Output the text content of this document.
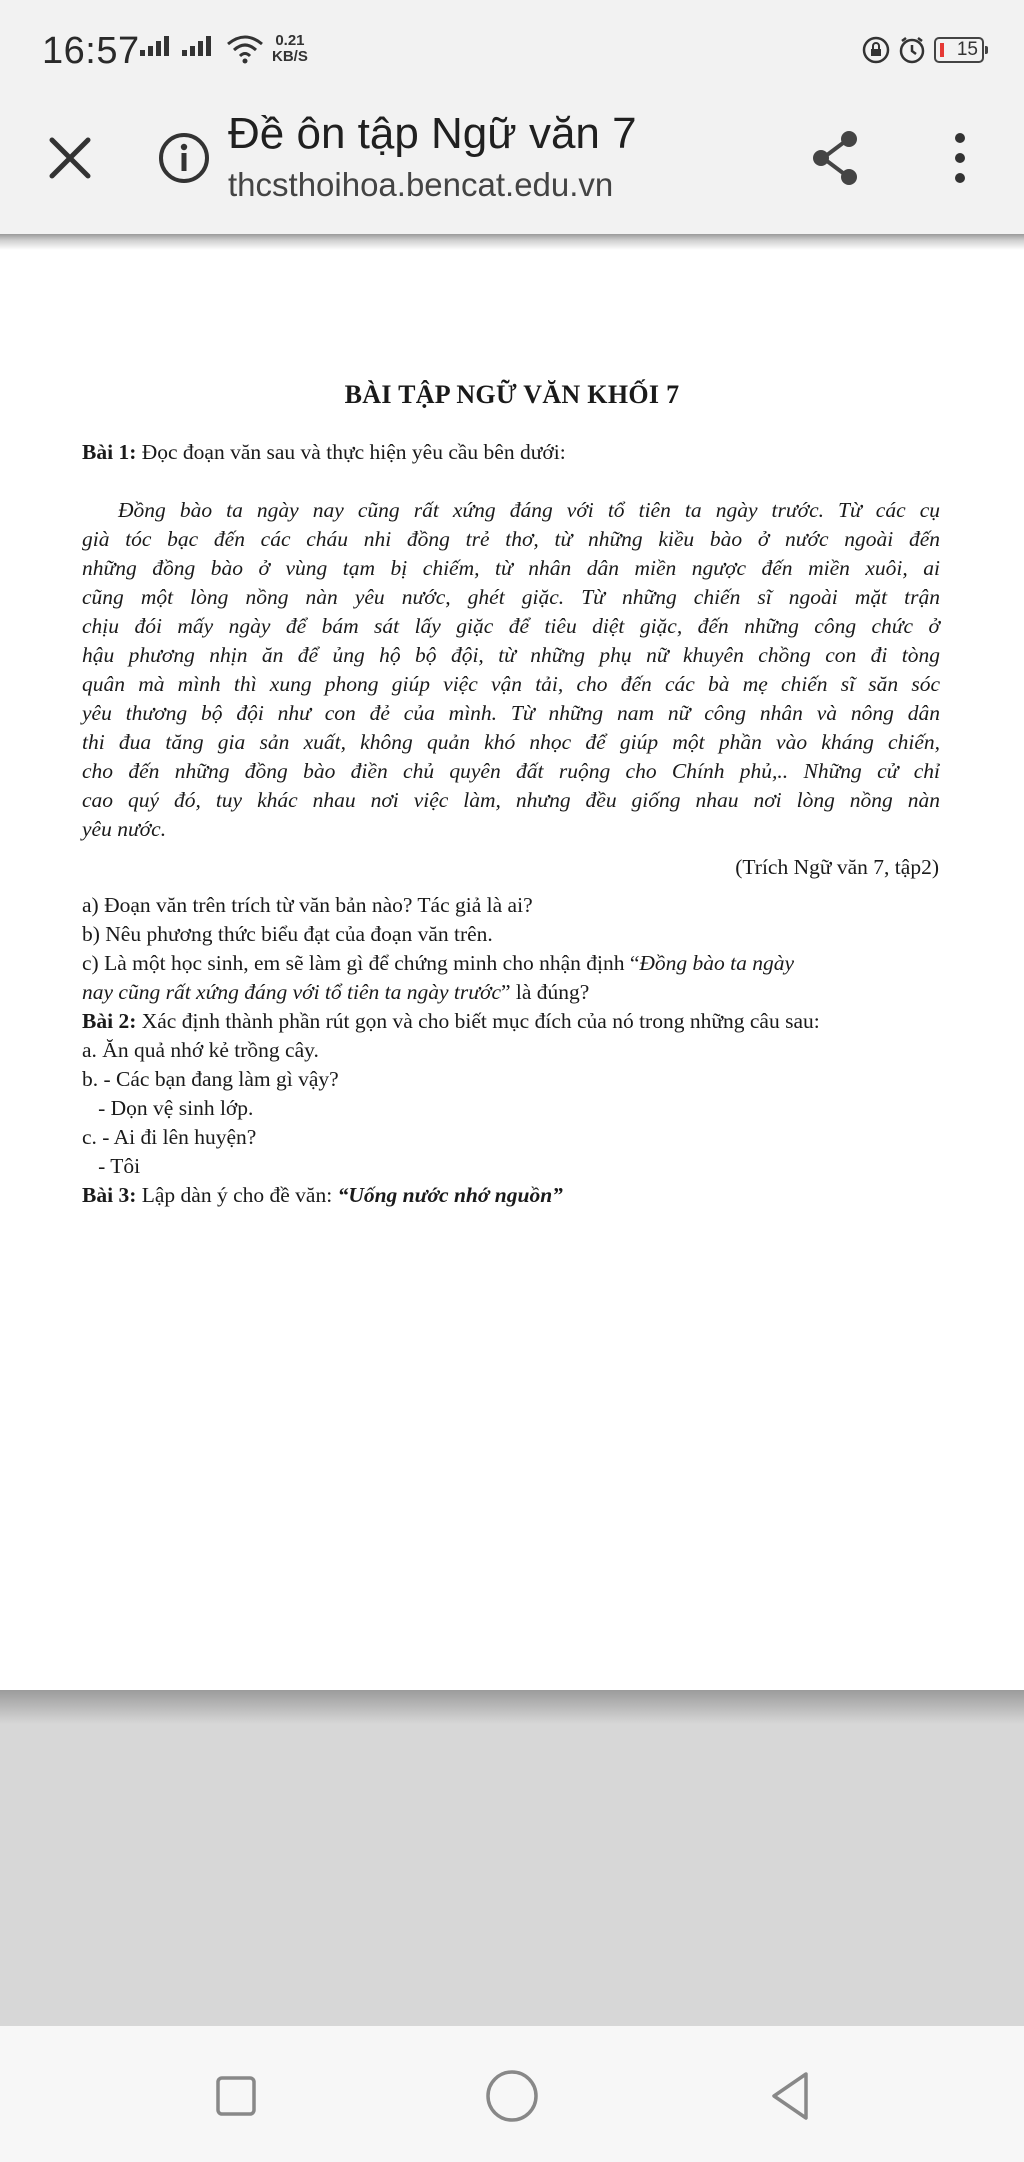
16:57	0.21
KB/S	15
Đề ôn tập Ngữ văn 7
thcsthoihoa.bencat.edu.vn
BÀI TẬP NGỮ VĂN KHỐI 7
Bài 1: Đọc đoạn văn sau và thực hiện yêu cầu bên dưới:
Đồng bào ta ngày nay cũng rất xứng đáng với tổ tiên ta ngày trước. Từ các cụ
già tóc bạc đến các cháu nhi đồng trẻ thơ, từ những kiều bào ở nước ngoài đến
những đồng bào ở vùng tạm bị chiếm, từ nhân dân miền ngược đến miền xuôi, ai
cũng một lòng nồng nàn yêu nước, ghét giặc. Từ những chiến sĩ ngoài mặt trận
chịu đói mấy ngày để bám sát lấy giặc để tiêu diệt giặc, đến những công chức ở
hậu phương nhịn ăn để ủng hộ bộ đội, từ những phụ nữ khuyên chồng con đi tòng
quân mà mình thì xung phong giúp việc vận tải, cho đến các bà mẹ chiến sĩ săn sóc
yêu thương bộ đội như con đẻ của mình. Từ những nam nữ công nhân và nông dân
thi đua tăng gia sản xuất, không quản khó nhọc để giúp một phần vào kháng chiến,
cho đến những đồng bào điền chủ quyên đất ruộng cho Chính phủ,.. Những cử chỉ
cao quý đó, tuy khác nhau nơi việc làm, nhưng đều giống nhau nơi lòng nồng nàn
yêu nước.
(Trích Ngữ văn 7, tập2)
a) Đoạn văn trên trích từ văn bản nào? Tác giả là ai?
b) Nêu phương thức biểu đạt của đoạn văn trên.
c) Là một học sinh, em sẽ làm gì để chứng minh cho nhận định “Đồng bào ta ngày
nay cũng rất xứng đáng với tổ tiên ta ngày trước” là đúng?
Bài 2: Xác định thành phần rút gọn và cho biết mục đích của nó trong những câu sau:
a. Ăn quả nhớ kẻ trồng cây.
b. - Các bạn đang làm gì vậy?
- Dọn vệ sinh lớp.
c. - Ai đi lên huyện?
- Tôi
Bài 3: Lập dàn ý cho đề văn: “Uống nước nhớ nguồn”
